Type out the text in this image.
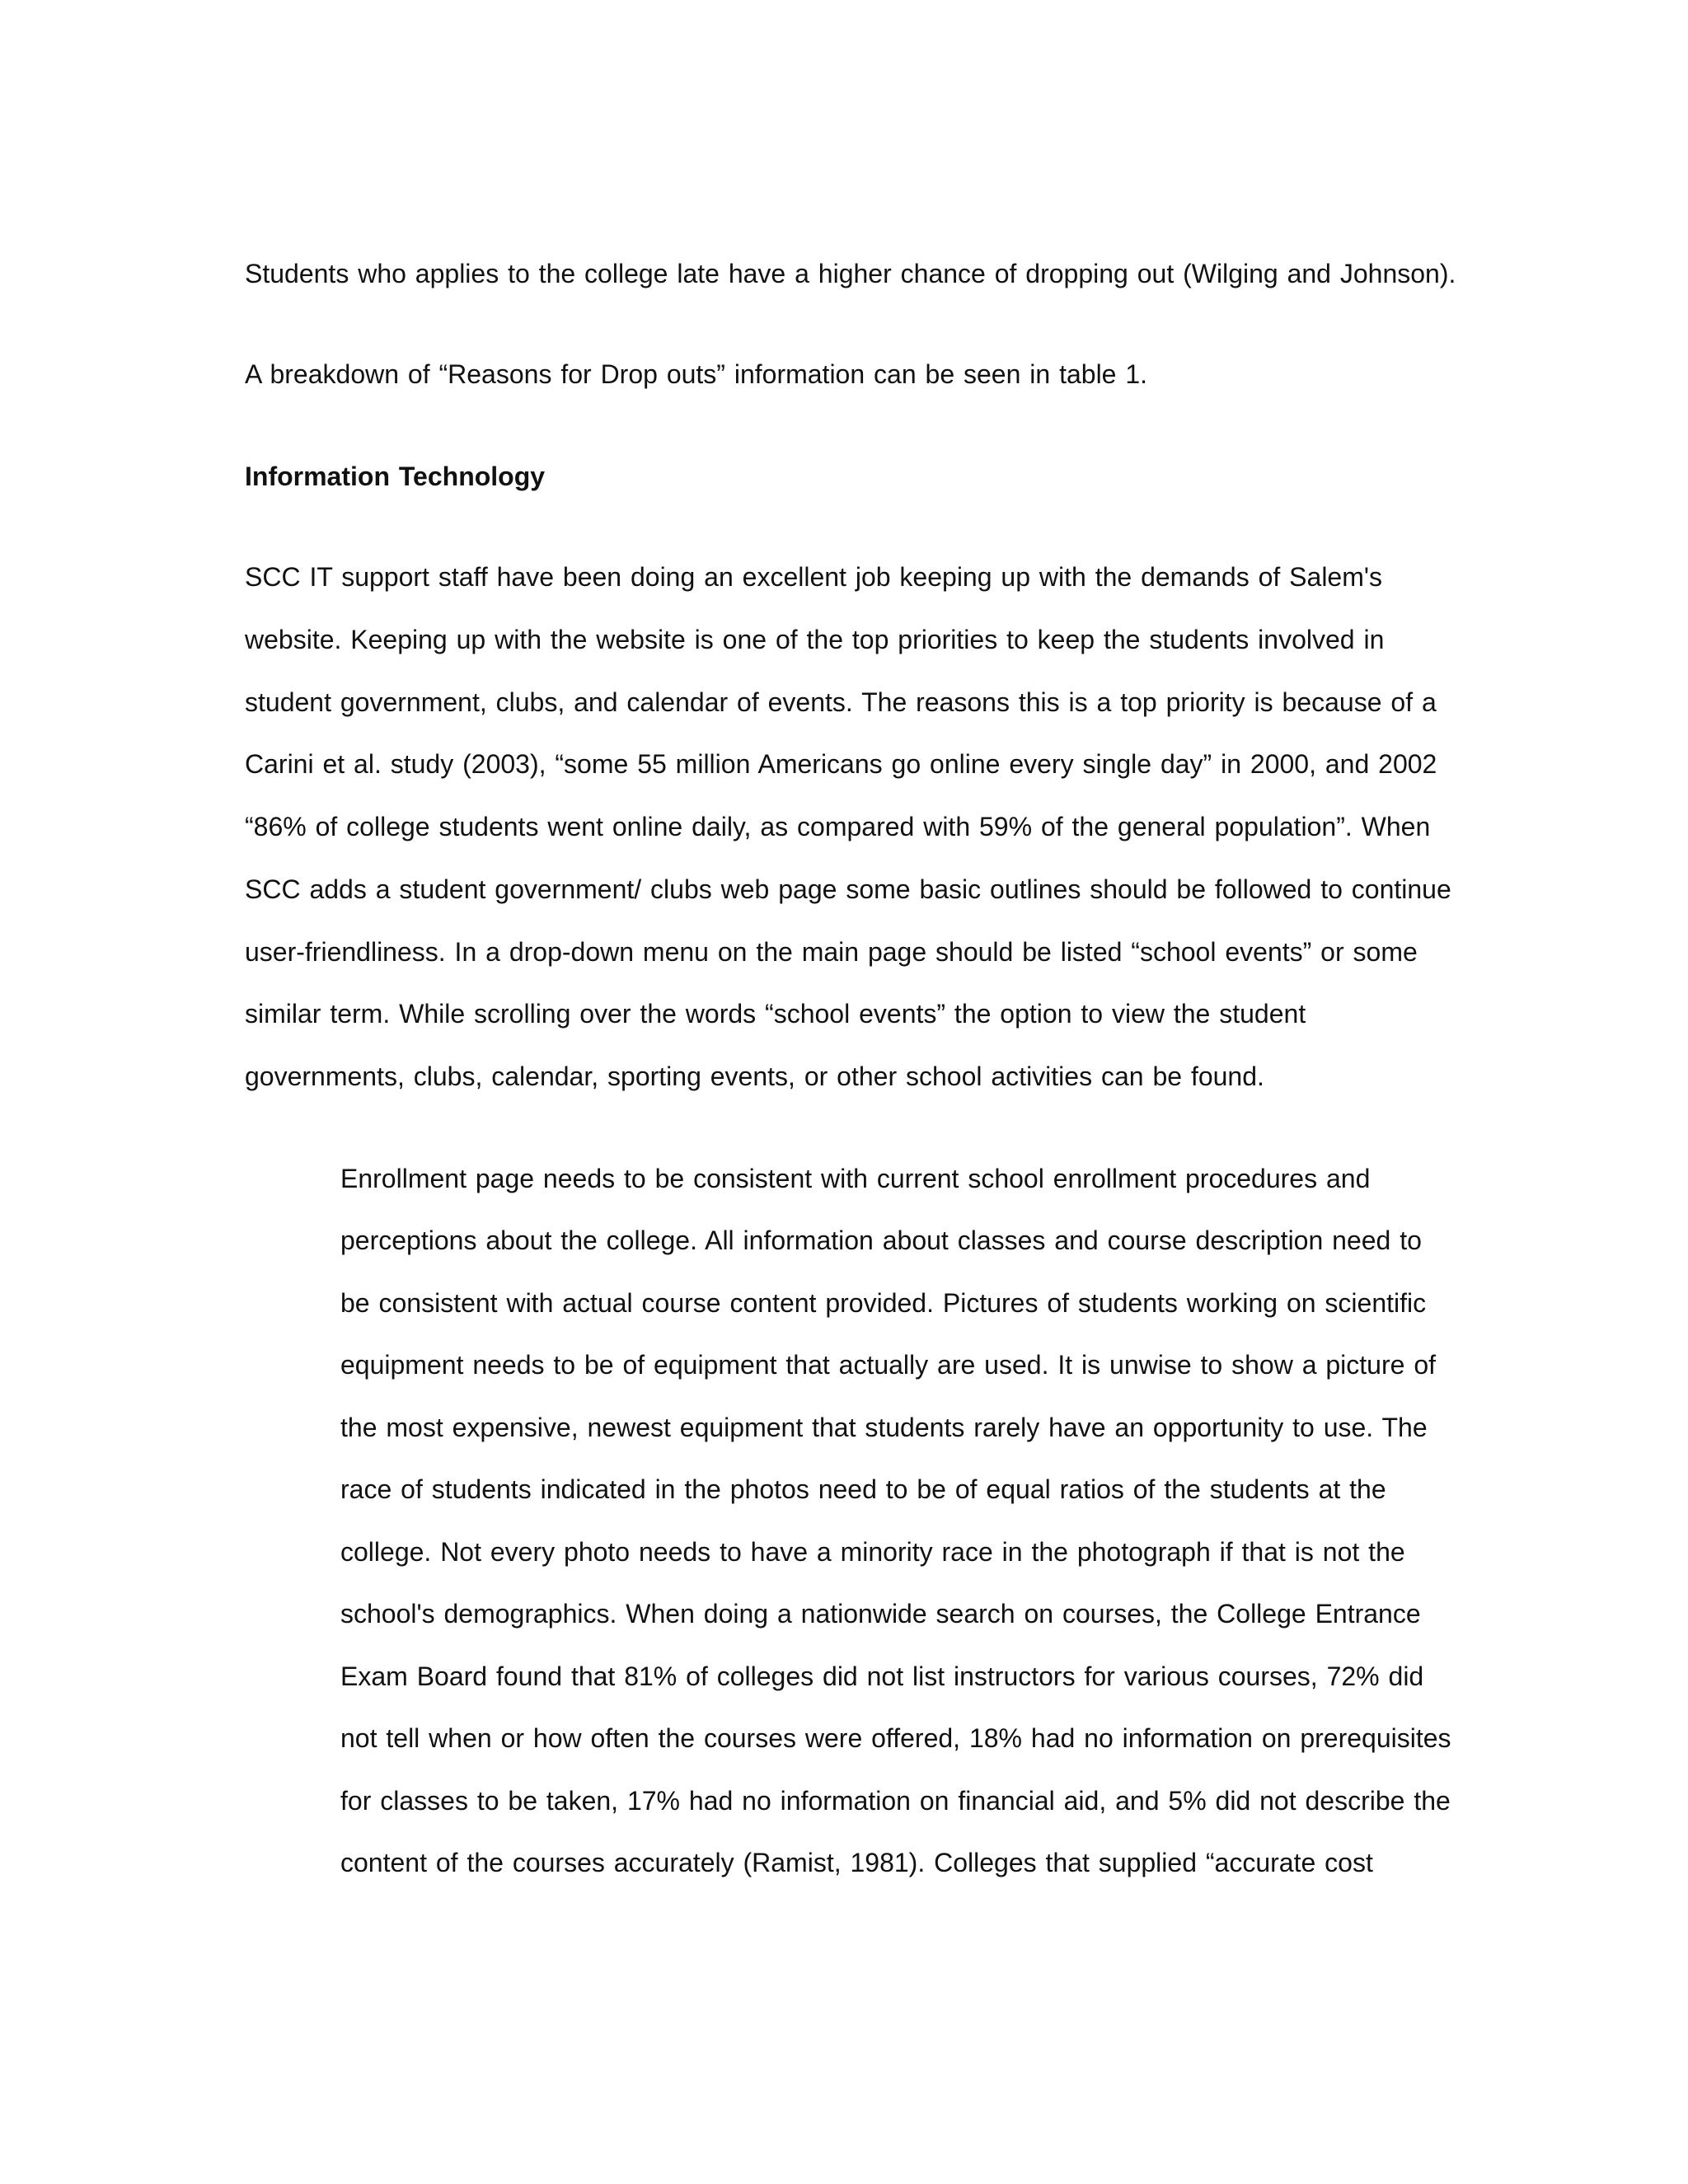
Students who applies to the college late have a higher chance of dropping out (Wilging and Johnson).

A breakdown of “Reasons for Drop outs” information can be seen in table 1.

Information Technology

SCC IT support staff have been doing an excellent job keeping up with the demands of Salem's

website. Keeping up with the website is one of the top priorities to keep the students involved in

student government, clubs, and calendar of events. The reasons this is a top priority is because of a

Carini et al. study (2003), “some 55 million Americans go online every single day” in 2000, and 2002

“86% of college students went online daily, as compared with 59% of the general population”. When

SCC adds a student government/ clubs web page some basic outlines should be followed to continue

user-friendliness. In a drop-down menu on the main page should be listed “school events” or some

similar term. While scrolling over the words “school events” the option to view the student

governments, clubs, calendar, sporting events, or other school activities can be found.

Enrollment page needs to be consistent with current school enrollment procedures and

perceptions about the college. All information about classes and course description need to

be consistent with actual course content provided. Pictures of students working on scientific

equipment needs to be of equipment that actually are used. It is unwise to show a picture of

the most expensive, newest equipment that students rarely have an opportunity to use. The

race of students indicated in the photos need to be of equal ratios of the students at the

college. Not every photo needs to have a minority race in the photograph if that is not the

school's demographics. When doing a nationwide search on courses, the College Entrance

Exam Board found that 81% of colleges did not list instructors for various courses, 72% did

not tell when or how often the courses were offered, 18% had no information on prerequisites

for classes to be taken, 17% had no information on financial aid, and 5% did not describe the

content of the courses accurately (Ramist, 1981). Colleges that supplied “accurate cost
